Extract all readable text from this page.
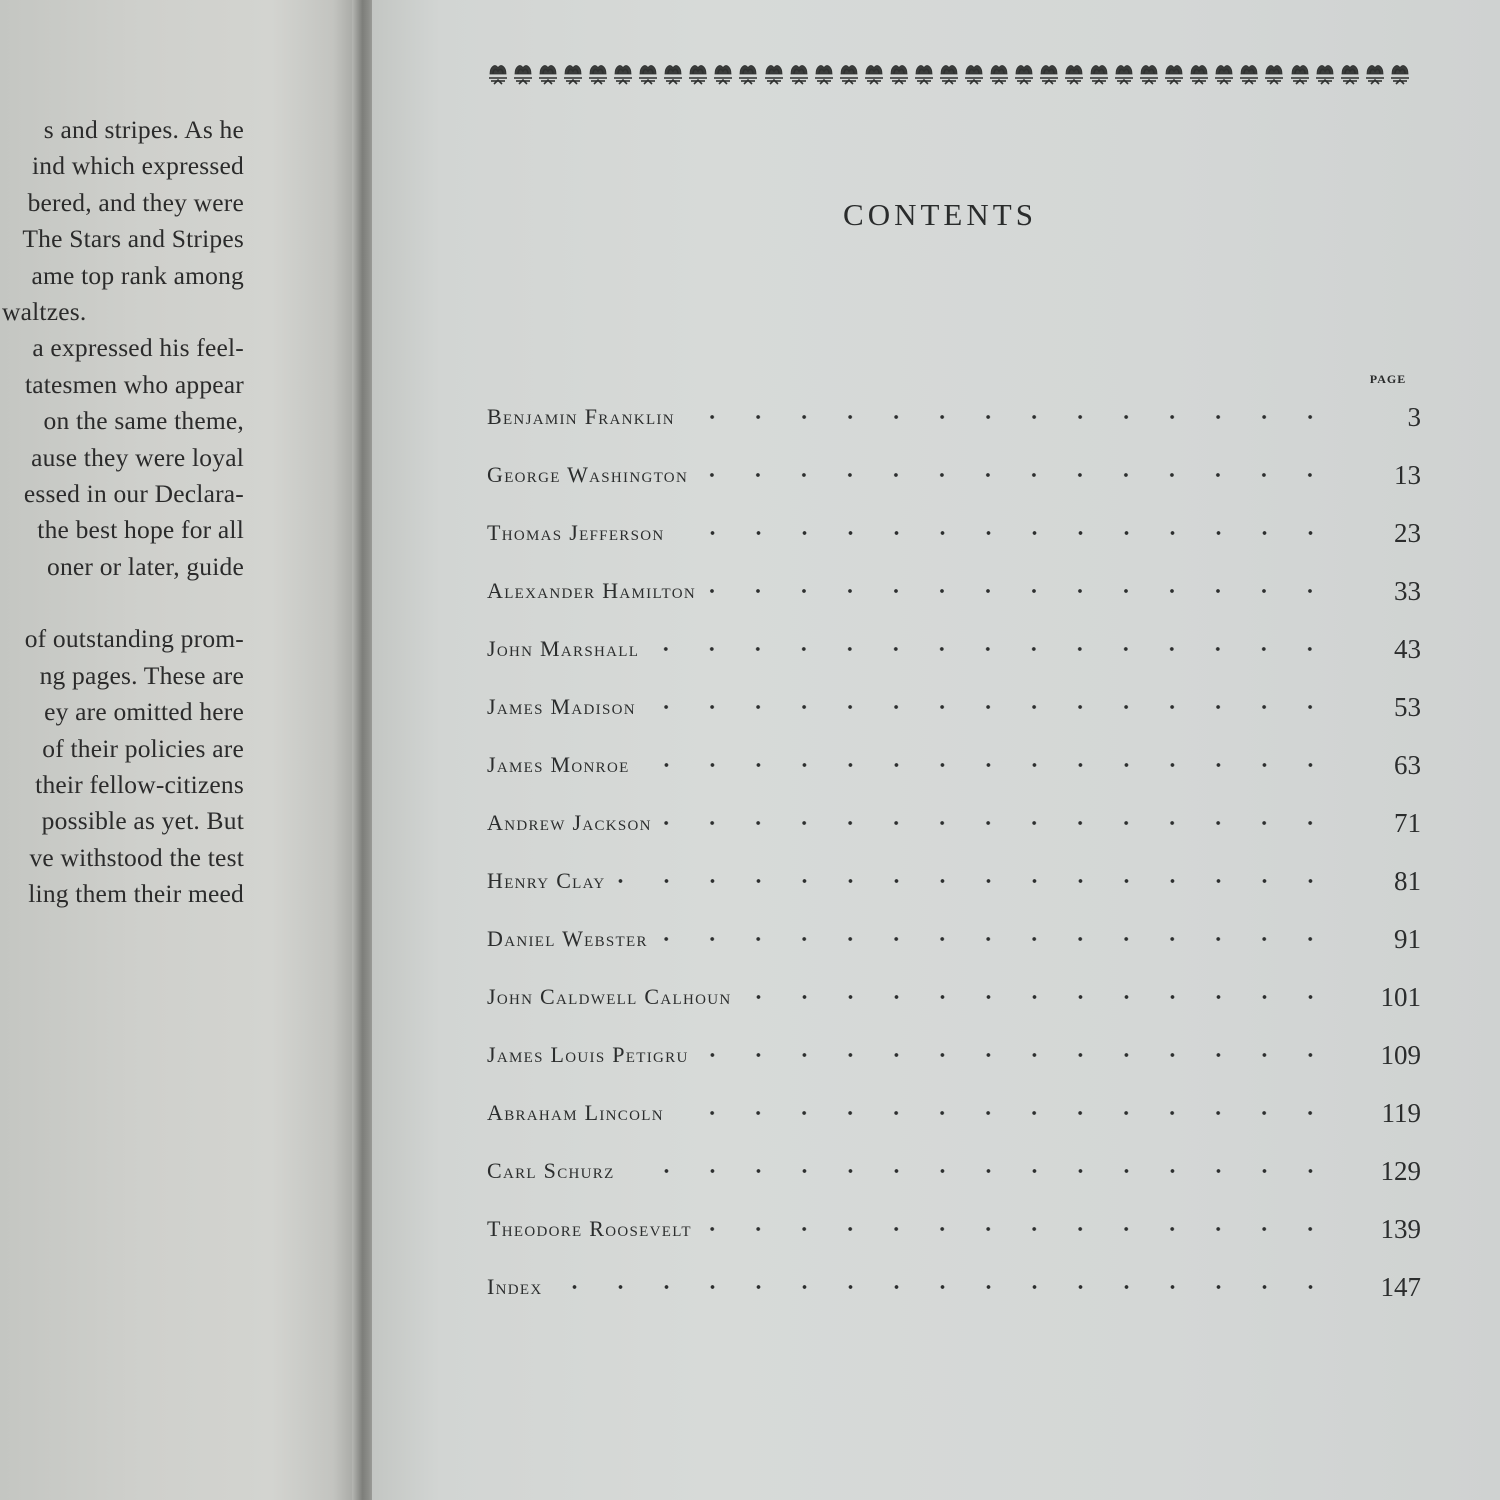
s and stripes. As he
ind which expressed
bered, and they were
The Stars and Stripes
ame top rank among
waltzes.
a expressed his feel-
tatesmen who appear
on the same theme,
ause they were loyal
essed in our Declara-
the best hope for all
oner or later, guide
of outstanding prom-
ng pages. These are
ey are omitted here
of their policies are
their fellow-citizens
possible as yet. But
ve withstood the test
ling them their meed
CONTENTS
PAGE
Benjamin Franklin	3
George Washington	13
Thomas Jefferson	23
Alexander Hamilton	33
John Marshall	43
James Madison	53
James Monroe	63
Andrew Jackson	71
Henry Clay	81
Daniel Webster	91
John Caldwell Calhoun	101
James Louis Petigru	109
Abraham Lincoln	119
Carl Schurz	129
Theodore Roosevelt	139
Index	147
